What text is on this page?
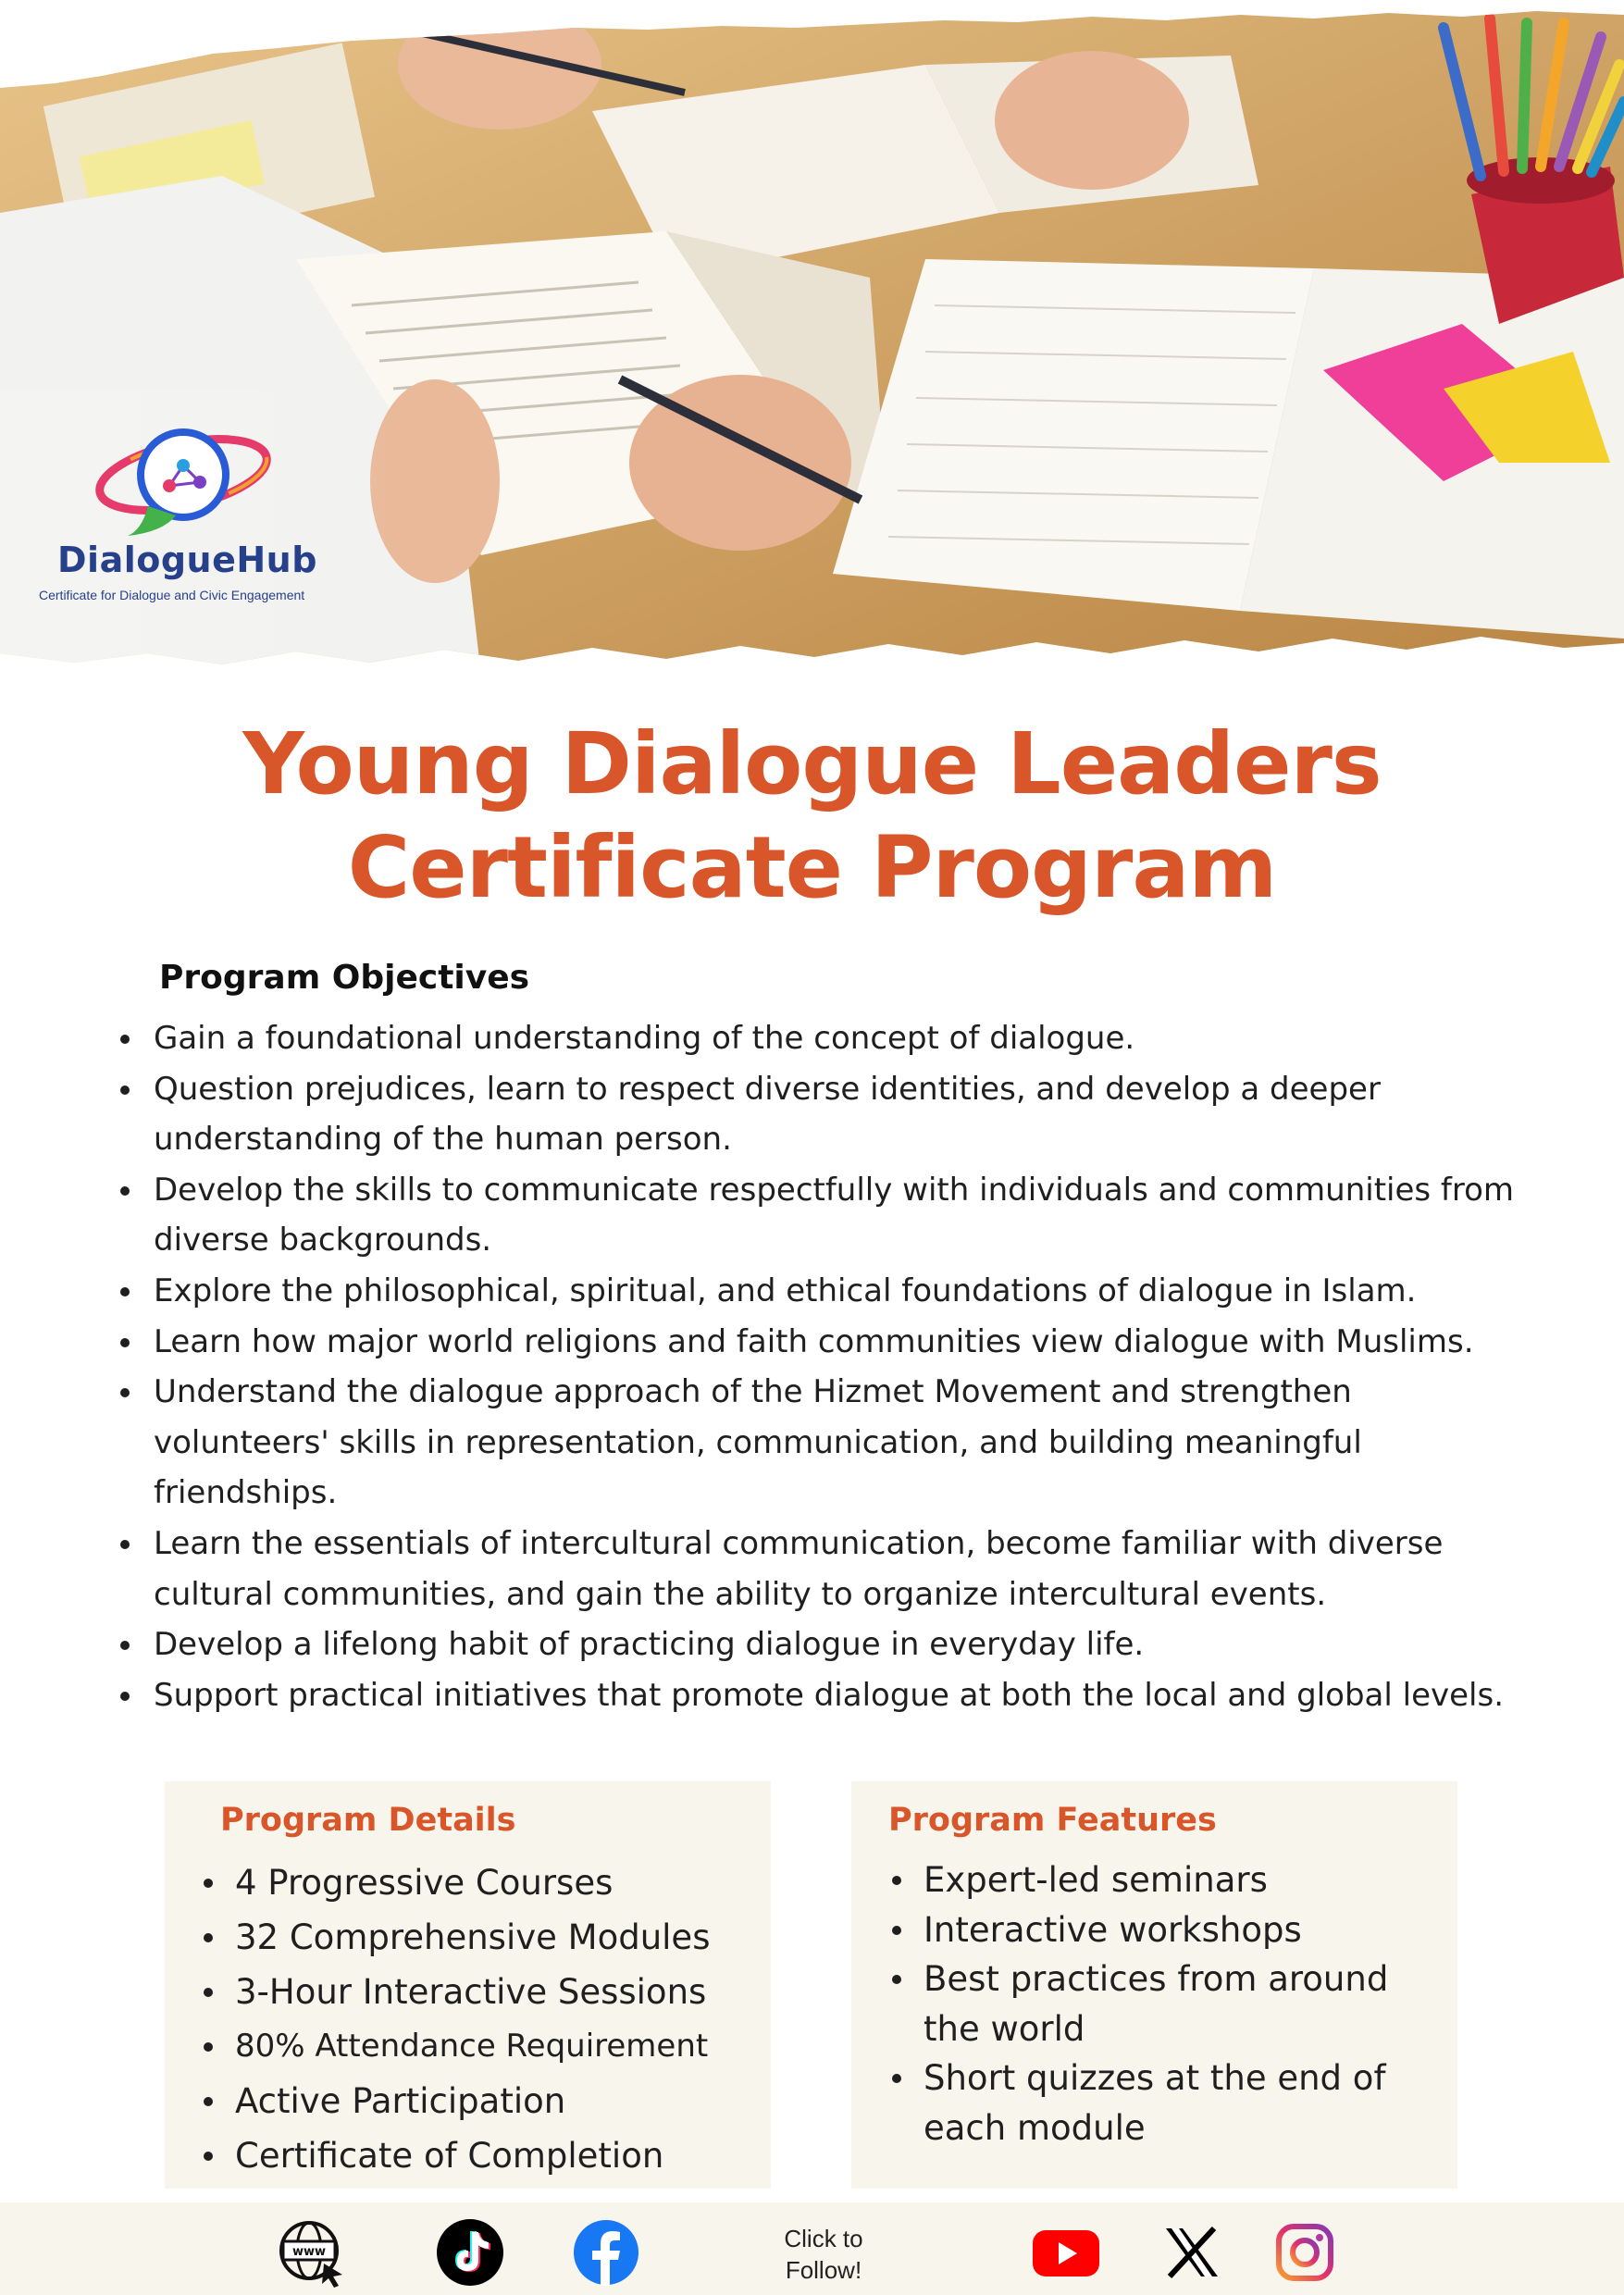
DialogueHub
Certificate for Dialogue and Civic Engagement
Young Dialogue Leaders
Certificate Program
Program Objectives
Gain a foundational understanding of the concept of dialogue.
Question prejudices, learn to respect diverse identities, and develop a deeper understanding of the human person.
Develop the skills to communicate respectfully with individuals and communities from diverse backgrounds.
Explore the philosophical, spiritual, and ethical foundations of dialogue in Islam.
Learn how major world religions and faith communities view dialogue with Muslims.
Understand the dialogue approach of the Hizmet Movement and strengthen volunteers' skills in representation, communication, and building meaningful friendships.
Learn the essentials of intercultural communication, become familiar with diverse cultural communities, and gain the ability to organize intercultural events.
Develop a lifelong habit of practicing dialogue in everyday life.
Support practical initiatives that promote dialogue at both the local and global levels.
Program Details
4 Progressive Courses
32 Comprehensive Modules
3-Hour Interactive Sessions
80% Attendance Requirement
Active Participation
Certificate of Completion
Program Features
Expert-led seminars
Interactive workshops
Best practices from around the world
Short quizzes at the end of each module
www	Click to Follow!
